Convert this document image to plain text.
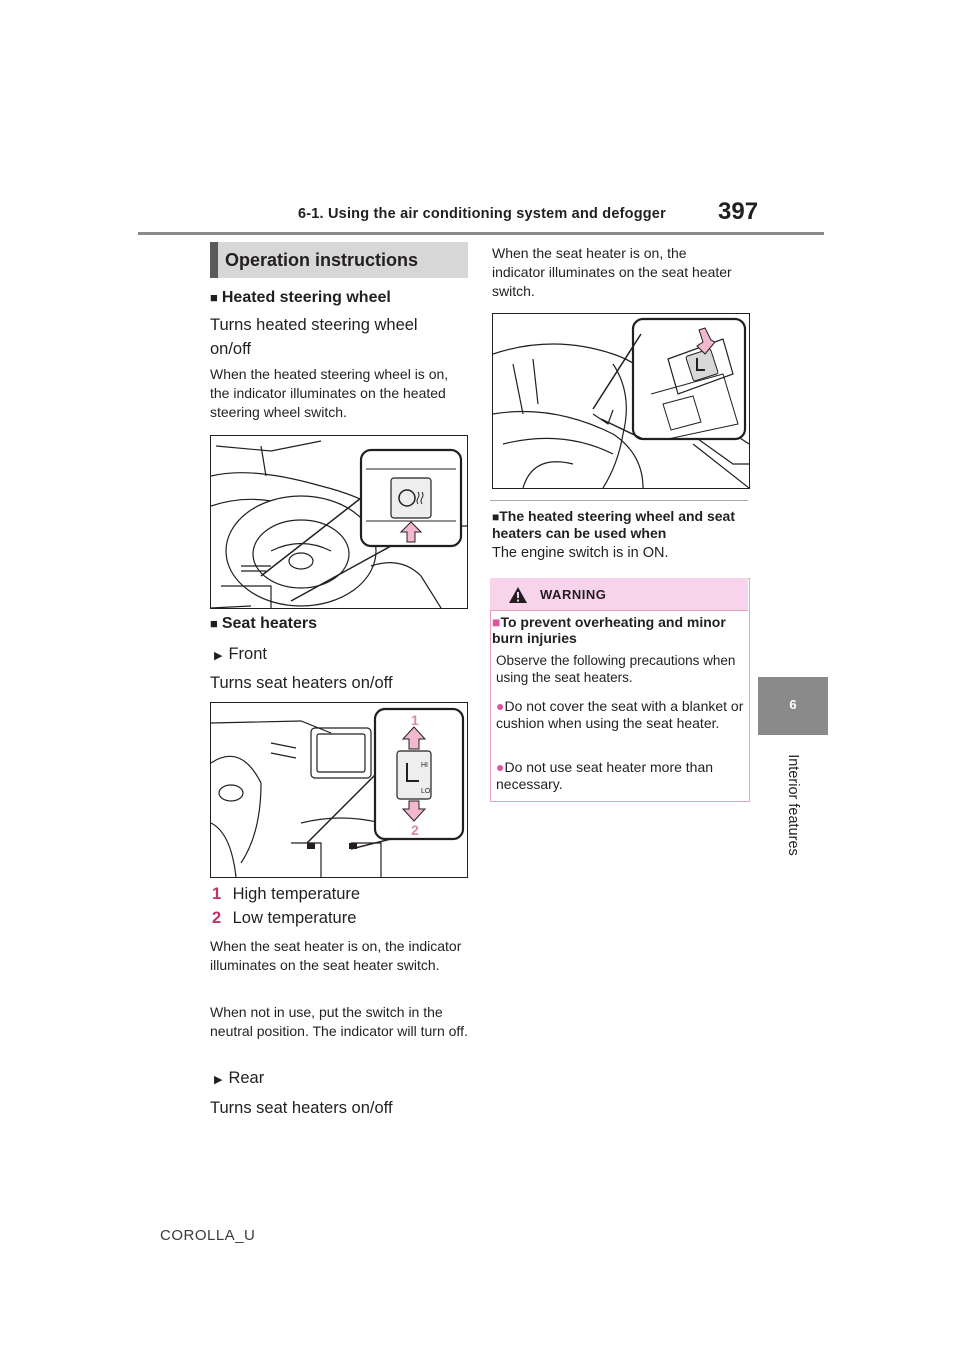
6-1. Using the air conditioning system and defogger 397
6
Interior features
Operation instructions
■ Heated steering wheel
Turns heated steering wheel on/off
When the heated steering wheel is on, the indicator illuminates on the heated steering wheel switch.
■ Seat heaters
▶ Front
Turns seat heaters on/off
HI
LO
1
2
1 High temperature
2 Low temperature
When the seat heater is on, the indicator illuminates on the seat heater switch.
When not in use, put the switch in the neutral position. The indicator will turn off.
▶ Rear
Turns seat heaters on/off
When the seat heater is on, the indicator illuminates on the seat heater switch.
■The heated steering wheel and seat heaters can be used when
The engine switch is in ON.
WARNING
■To prevent overheating and minor burn injuries
Observe the following precautions when using the seat heaters.
●Do not cover the seat with a blanket or cushion when using the seat heater.
●Do not use seat heater more than necessary.
COROLLA_U
